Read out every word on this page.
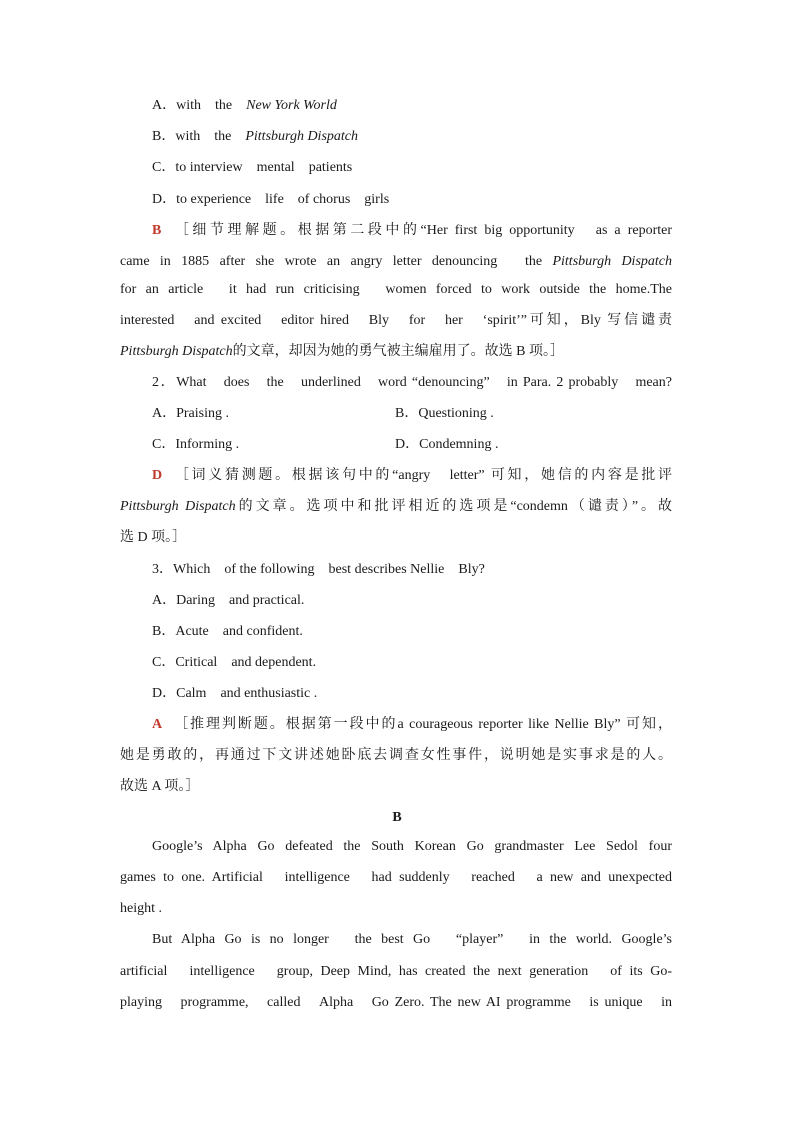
A．with　the　New York World
B．with　the　Pittsburgh Dispatch
C．to interview　mental　patients
D．to experience　life　of chorus　girls
B ［细节理解题。根据第二段中的“Her first big opportunity　as a reporter
came in 1885 after she wrote an angry letter denouncing　the Pittsburgh Dispatch
for an article　it had run criticising　women forced to work outside the home.The
interested　and excited　editor hired　Bly　for　her　‘spirit’”可知，Bly 写信谴责
Pittsburgh Dispatch的文章，却因为她的勇气被主编雇用了。故选 B 项。］
2．What　does　the　underlined　word “denouncing”　in Para. 2 probably　mean?
A．Praising .	B．Questioning .
C．Informing .	D．Condemning .
D ［词义猜测题。根据该句中的“angry　letter” 可知，她信的内容是批评
Pittsburgh Dispatch的文章。选项中和批评相近的选项是“condemn（谴责）”。故
选 D 项。］
3．Which　of the following　best describes Nellie　Bly?
A．Daring　and practical.
B．Acute　and confident.
C．Critical　and dependent.
D．Calm　and enthusiastic .
A ［推理判断题。根据第一段中的a courageous reporter like Nellie Bly” 可知，
她是勇敢的，再通过下文讲述她卧底去调查女性事件，说明她是实事求是的人。
故选 A 项。］
B
Google’s Alpha Go defeated the South Korean Go grandmaster Lee Sedol four
games to one. Artificial　intelligence　had suddenly　reached　a new and unexpected
height .
But Alpha Go is no longer　the best Go　“player”　in the world. Google’s
artificial　intelligence　group, Deep Mind, has created the next generation　of its Go-
playing　programme,　called　Alpha　Go Zero. The new AI programme　is unique　in
